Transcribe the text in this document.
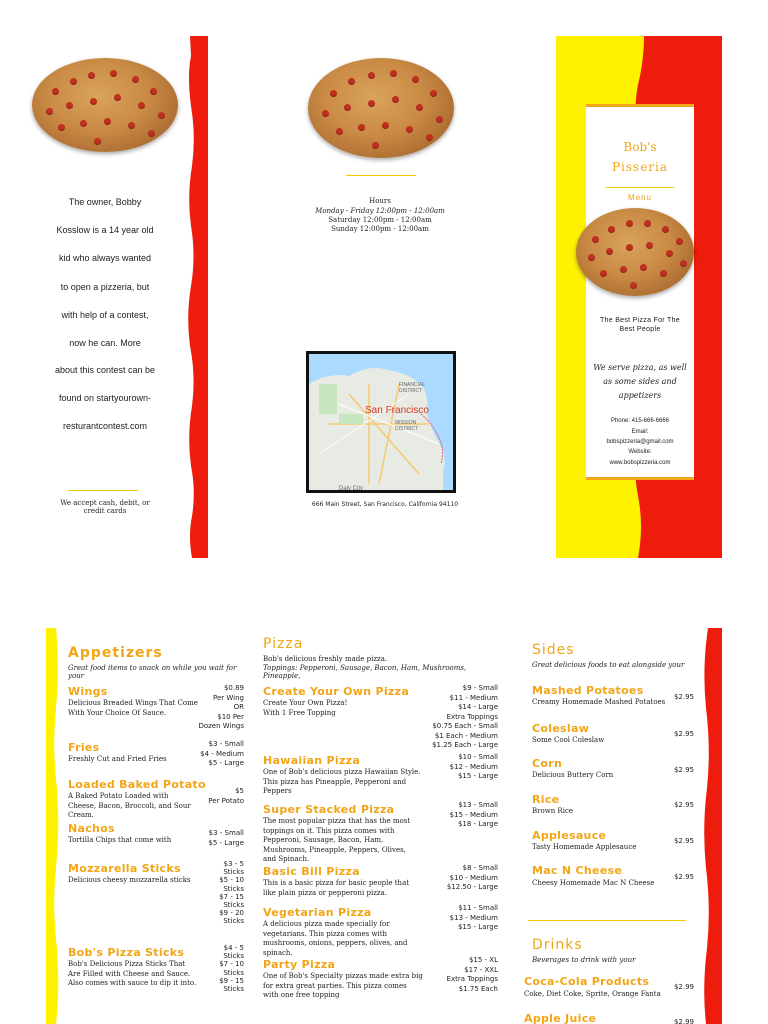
The owner, Bobby
Kosslow is a 14 year old
kid who always wanted
to open a pizzeria, but
with help of a contest,
now he can. More
about this contest can be
found on startyourown-
resturantcontest.com
We accept cash, debit, or credit cards
Hours
Monday - Friday 12:00pm - 12:00am
Saturday 12:00pm - 12:00am
Sunday 12:00pm - 12:00am
FINANCIAL DISTRICT
San Francisco
MISSION DISTRICT
Daly City
666 Main Street, San Francisco, California 94110
Bob's
Pisseria
Menu
The Best Pizza For The Best People
We serve pizza, as well as some sides and appetizers
Phone: 415-666-6666
Email:
bobspizzeria@gmail.com
Website:
www.bobspizzeria.com
Appetizers
Great food items to snack on while you wait for your
Wings
Delicious Breaded Wings That Come With Your Choice Of Sauce.
$0.89
Per Wing
OR
$10 Per
Dozen Wings
Fries
Freshly Cut and Fried Fries
$3 - Small
$4 - Medium
$5 - Large
Loaded Baked Potato
A Baked Potato Loaded with Cheese, Bacon, Broccoli, and Sour Cream.
$5
Per Potato
Nachos
Tortilla Chips that come with
$3 - Small
$5 - Large
Mozzarella Sticks
Delicious cheesy mozzarella sticks
$3 - 5
Sticks
$5 - 10
Sticks
$7 - 15
Sticks
$9 - 20
Sticks
Bob's Pizza Sticks
Bob's Delicious Pizza Sticks That Are Filled with Cheese and Sauce. Also comes with sauce to dip it into.
$4 - 5
Sticks
$7 - 10
Sticks
$9 - 15
Sticks
Pizza
Bob's delicious freshly made pizza.
Toppings: Pepperoni, Sausage, Bacon, Ham, Mushrooms, Pineapple,
Create Your Own Pizza
Create Your Own Pizza!
With 1 Free Topping
$9 - Small
$11 - Medium
$14 - Large
Extra Toppings
$0.75 Each - Small
$1 Each - Medium
$1.25 Each - Large
Hawaiian Pizza
One of Bob's delicious pizza Hawaiian Style. This pizza has Pineapple, Pepperoni and Peppers
$10 - Small
$12 - Medium
$15 - Large
Super Stacked Pizza
The most popular pizza that has the most toppings on it. This pizza comes with Pepperoni, Sausage, Bacon, Ham, Mushrooms, Pineapple, Peppers, Olives, and Spinach.
$13 - Small
$15 - Medium
$18 - Large
Basic Bill Pizza
This is a basic pizza for basic people that like plain pizza or pepperoni pizza.
$8 - Small
$10 - Medium
$12.50 - Large
Vegetarian Pizza
A delicious pizza made specially for vegetarians. This pizza comes with mushrooms, onions, peppers, olives, and spinach.
$11 - Small
$13 - Medium
$15 - Large
Party Pizza
One of Bob's Specialty pizzas made extra big for extra great parties. This pizza comes with one free topping
$15 - XL
$17 - XXL
Extra Toppings
$1.75 Each
Sides
Great delicious foods to eat alongside your
Mashed Potatoes
Creamy Homemade Mashed Potatoes
$2.95
Coleslaw
Some Cool Coleslaw
$2.95
Corn
Delicious Buttery Corn
$2.95
Rice
Brown Rice
$2.95
Applesauce
Tasty Homemade Applesauce
$2.95
Mac N Cheese
Cheesy Homemade Mac N Cheese
$2.95
Drinks
Beverages to drink with your
Coca-Cola Products
Coke, Diet Coke, Sprite, Orange Fanta
$2.99
Apple Juice	$2.99
